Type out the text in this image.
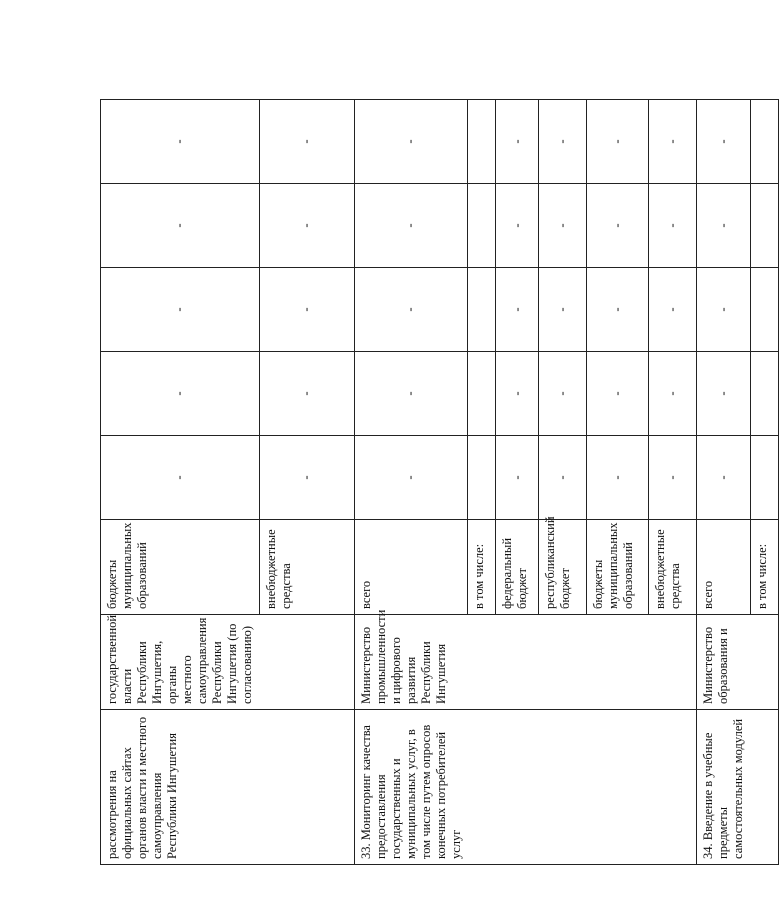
рассмотрения на официальных сайтах органов власти и местного самоуправления Республики Ингушетия	государственной власти Республики Ингушетия, органы местного самоуправления Республики Ингушетия (по согласованию)	бюджеты муниципальных образований	-	-	-	-	-
		внебюджетные средства	-	-	-	-	-
33. Мониторинг качества предоставления государственных и муниципальных услуг, в том числе путем опросов конечных потребителей услуг	Министерство промышленности и цифрового развития Республики Ингушетия	всего	-	-	-	-	-
		в том числе:					
		федеральный бюджет	-	-	-	-	-
		республиканский бюджет	-	-	-	-	-
		бюджеты муниципальных образований	-	-	-	-	-
		внебюджетные средства	-	-	-	-	-
34. Введение в учебные предметы самостоятельных модулей	Министерство образования и	всего	-	-	-	-	-
		в том числе:					
